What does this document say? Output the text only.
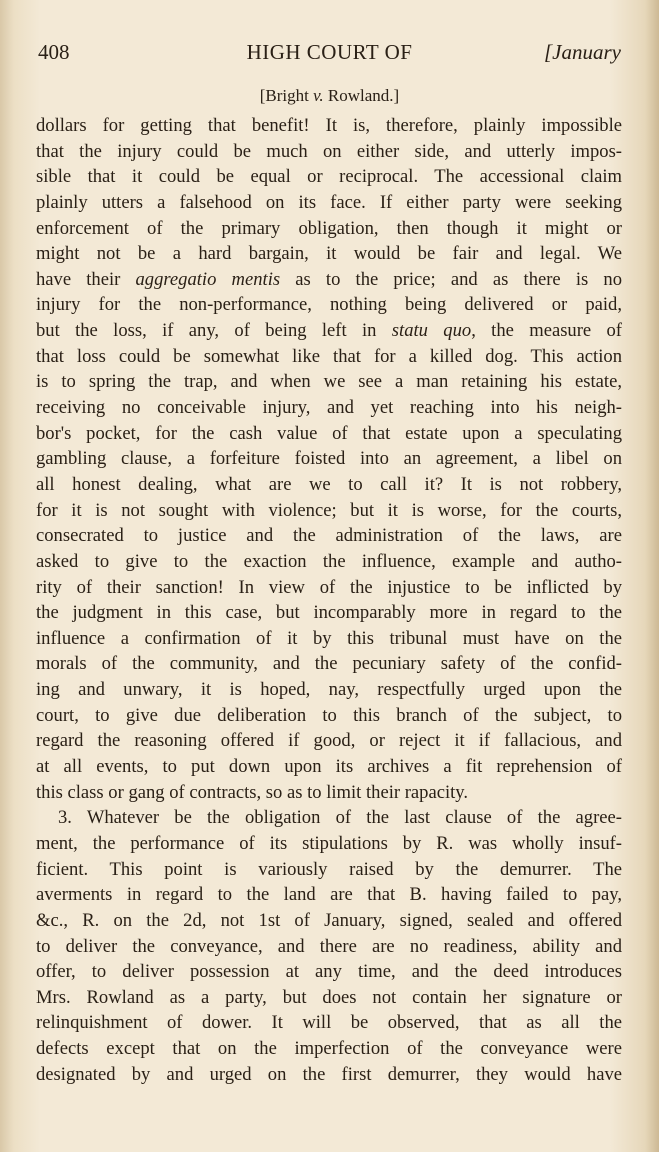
408	HIGH COURT OF	[January
[Bright v. Rowland.]
dollars for getting that benefit! It is, therefore, plainly impossible
that the injury could be much on either side, and utterly impos-
sible that it could be equal or reciprocal. The accessional claim
plainly utters a falsehood on its face. If either party were seeking
enforcement of the primary obligation, then though it might or
might not be a hard bargain, it would be fair and legal. We
have their aggregatio mentis as to the price; and as there is no
injury for the non-performance, nothing being delivered or paid,
but the loss, if any, of being left in statu quo, the measure of
that loss could be somewhat like that for a killed dog. This action
is to spring the trap, and when we see a man retaining his estate,
receiving no conceivable injury, and yet reaching into his neigh-
bor's pocket, for the cash value of that estate upon a speculating
gambling clause, a forfeiture foisted into an agreement, a libel on
all honest dealing, what are we to call it? It is not robbery,
for it is not sought with violence; but it is worse, for the courts,
consecrated to justice and the administration of the laws, are
asked to give to the exaction the influence, example and autho-
rity of their sanction! In view of the injustice to be inflicted by
the judgment in this case, but incomparably more in regard to the
influence a confirmation of it by this tribunal must have on the
morals of the community, and the pecuniary safety of the confid-
ing and unwary, it is hoped, nay, respectfully urged upon the
court, to give due deliberation to this branch of the subject, to
regard the reasoning offered if good, or reject it if fallacious, and
at all events, to put down upon its archives a fit reprehension of
this class or gang of contracts, so as to limit their rapacity.
3. Whatever be the obligation of the last clause of the agree-
ment, the performance of its stipulations by R. was wholly insuf-
ficient. This point is variously raised by the demurrer. The
averments in regard to the land are that B. having failed to pay,
&c., R. on the 2d, not 1st of January, signed, sealed and offered
to deliver the conveyance, and there are no readiness, ability and
offer, to deliver possession at any time, and the deed introduces
Mrs. Rowland as a party, but does not contain her signature or
relinquishment of dower. It will be observed, that as all the
defects except that on the imperfection of the conveyance were
designated by and urged on the first demurrer, they would have
